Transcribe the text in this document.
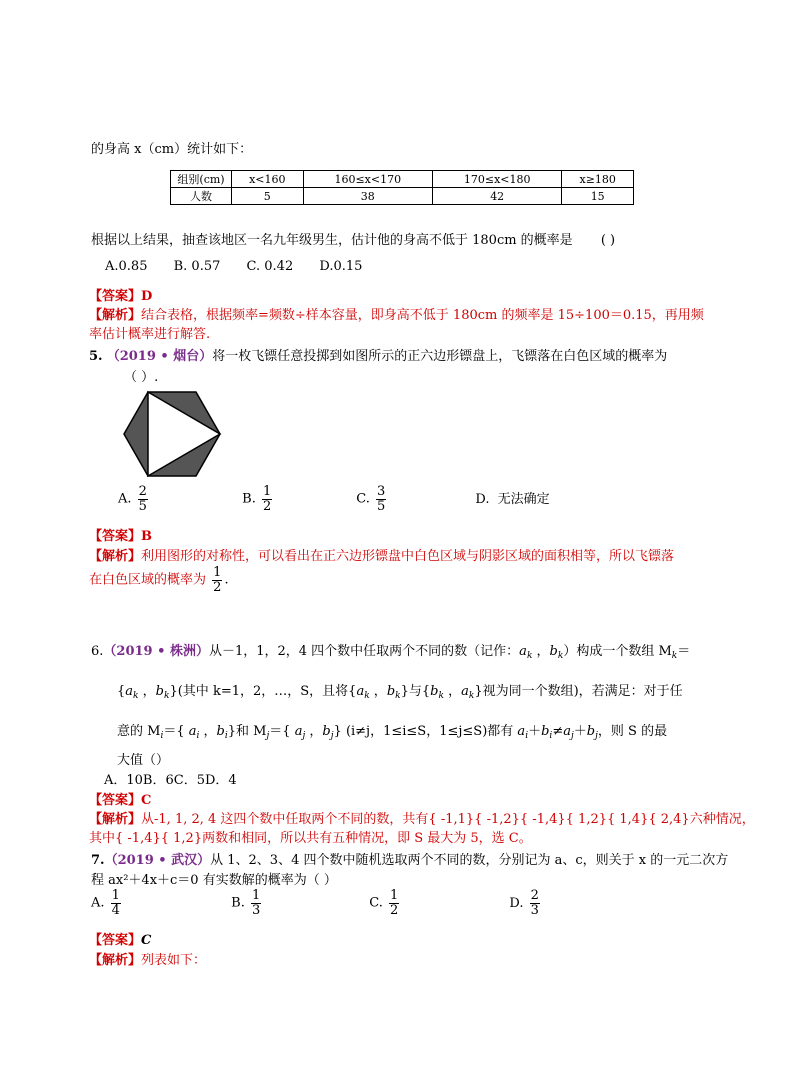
的身高 x（cm）统计如下：
组别(cm)	x<160	160≤x<170	170≤x<180	x≥180
人数	5	38	42	15
根据以上结果，抽查该地区一名九年级男生，估计他的身高不低于 180cm 的概率是 ( )
A.0.85 B. 0.57 C. 0.42 D.0.15
【答案】D
【解析】结合表格，根据频率=频数÷样本容量，即身高不低于 180cm 的频率是 15÷100＝0.15，再用频
率估计概率进行解答.
5. （2019 • 烟台）将一枚飞镖任意投掷到如图所示的正六边形镖盘上，飞镖落在白色区域的概率为
（ ）.
A. $\frac{2}{5}$	B. $\frac{1}{2}$	C. $\frac{3}{5}$	D. 无法确定
【答案】B
【解析】利用图形的对称性，可以看出在正六边形镖盘中白色区域与阴影区域的面积相等，所以飞镖落
在白色区域的概率为 $\frac{1}{2}$ .
6.（2019 • 株洲）从－1，1，2，4 四个数中任取两个不同的数（记作：$a_k$ ，$b_k$）构成一个数组 $M_k=$
{$a_k$ ，$b_k$}(其中 k=1，2，…，S，且将{$a_k$ ，$b_k$}与{$b_k$ ，$a_k$}视为同一个数组)，若满足：对于任
意的 $M_i=${ $a_i$ ，$b_i$}和 $M_j=${ $a_j$ ，$b_j$} (i≠j，1≤i≤S，1≤j≤S)都有 $a_i+b_i\ne a_j+b_j$，则 S 的最
大值（）
A．10B．6C．5D．4
【答案】C
【解析】从-1, 1, 2, 4 这四个数中任取两个不同的数，共有{ -1,1}{ -1,2}{ -1,4}{ 1,2}{ 1,4}{ 2,4}六种情况，
其中{ -1,4}{ 1,2}两数和相同，所以共有五种情况，即 S 最大为 5，选 C。
7.（2019 • 武汉）从 1、2、3、4 四个数中随机选取两个不同的数，分别记为 a、c，则关于 x 的一元二次方
程 ax²＋4x＋c＝0 有实数解的概率为（ ）
A. $\frac{1}{4}$	B. $\frac{1}{3}$	C. $\frac{1}{2}$	D. $\frac{2}{3}$
【答案】C
【解析】列表如下：
